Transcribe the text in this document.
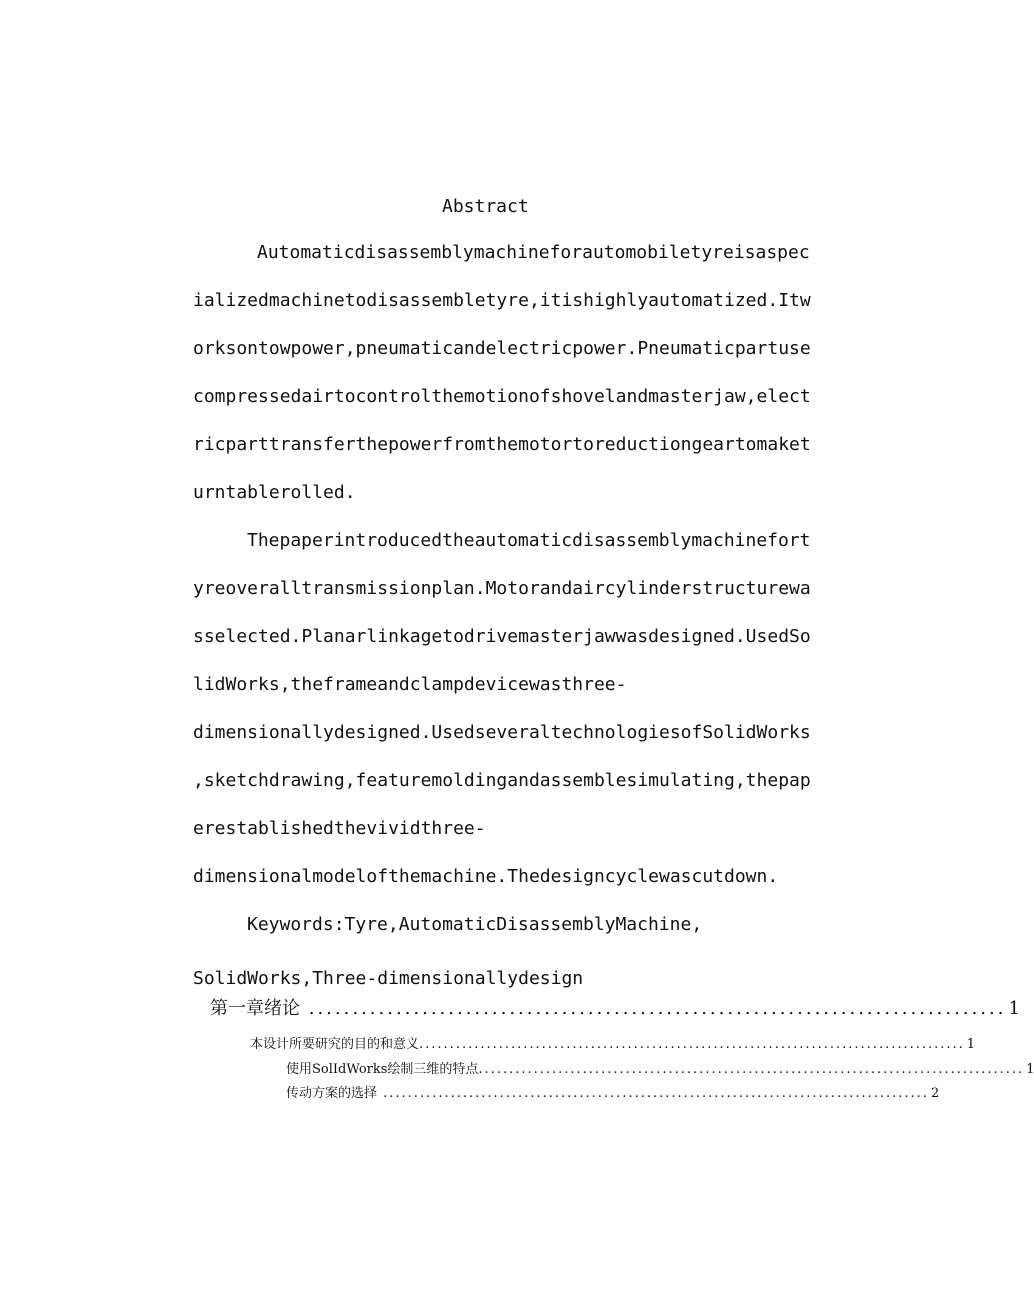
Abstract
Automaticdisassemblymachineforautomobiletyreisaspec
ializedmachinetodisassembletyre,itishighlyautomatized.Itw
orksontowpower,pneumaticandelectricpower.Pneumaticpartuse
compressedairtocontrolthemotionofshovelandmasterjaw,elect
ricparttransferthepowerfromthemotortoreductiongeartomaket
urntablerolled.
Thepaperintroducedtheautomaticdisassemblymachinefort
yreoveralltransmissionplan.Motorandaircylinderstructurewa
sselected.Planarlinkagetodrivemasterjawwasdesigned.UsedSo
lidWorks,theframeandclampdevicewasthree-
dimensionallydesigned.UsedseveraltechnologiesofSolidWorks
,sketchdrawing,featuremoldingandassemblesimulating,thepap
erestablishedthevividthree-
dimensionalmodelofthemachine.Thedesigncyclewascutdown.
Keywords:Tyre,AutomaticDisassemblyMachine,
SolidWorks,Three-dimensionallydesign
第一章绪论 ................................................................................ 1
本设计所要研究的目的和意义 ......................................................................................... 1
使用SolIdWorks绘制三维的特点 ......................................................................................... 1
传动方案的选择 ......................................................................................... 2
